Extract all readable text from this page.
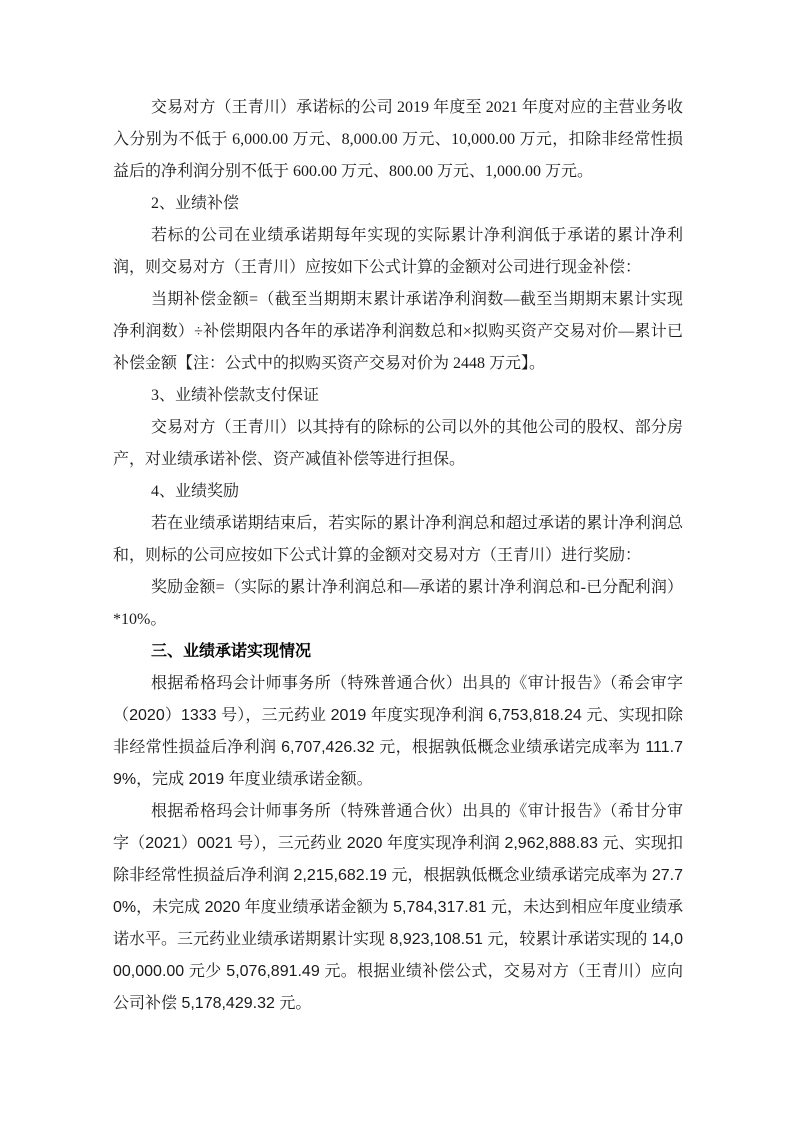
交易对方（王青川）承诺标的公司 2019 年度至 2021 年度对应的主营业务收入分别为不低于 6,000.00 万元、8,000.00 万元、10,000.00 万元，扣除非经常性损益后的净利润分别不低于 600.00 万元、800.00 万元、1,000.00 万元。

2、业绩补偿

若标的公司在业绩承诺期每年实现的实际累计净利润低于承诺的累计净利润，则交易对方（王青川）应按如下公式计算的金额对公司进行现金补偿：

当期补偿金额=（截至当期期末累计承诺净利润数—截至当期期末累计实现净利润数）÷补偿期限内各年的承诺净利润数总和×拟购买资产交易对价—累计已补偿金额【注：公式中的拟购买资产交易对价为 2448 万元】。

3、业绩补偿款支付保证

交易对方（王青川）以其持有的除标的公司以外的其他公司的股权、部分房产，对业绩承诺补偿、资产减值补偿等进行担保。

4、业绩奖励

若在业绩承诺期结束后，若实际的累计净利润总和超过承诺的累计净利润总和，则标的公司应按如下公式计算的金额对交易对方（王青川）进行奖励：

奖励金额=（实际的累计净利润总和—承诺的累计净利润总和-已分配利润）*10%。

三、业绩承诺实现情况

根据希格玛会计师事务所（特殊普通合伙）出具的《审计报告》（希会审字（2020）1333 号），三元药业 2019 年度实现净利润 6,753,818.24 元、实现扣除非经常性损益后净利润 6,707,426.32 元，根据孰低概念业绩承诺完成率为 111.79%，完成 2019 年度业绩承诺金额。

根据希格玛会计师事务所（特殊普通合伙）出具的《审计报告》（希甘分审字（2021）0021 号），三元药业 2020 年度实现净利润 2,962,888.83 元、实现扣除非经常性损益后净利润 2,215,682.19 元，根据孰低概念业绩承诺完成率为 27.70%，未完成 2020 年度业绩承诺金额为 5,784,317.81 元，未达到相应年度业绩承诺水平。三元药业业绩承诺期累计实现 8,923,108.51 元，较累计承诺实现的 14,000,000.00 元少 5,076,891.49 元。根据业绩补偿公式，交易对方（王青川）应向公司补偿 5,178,429.32 元。
